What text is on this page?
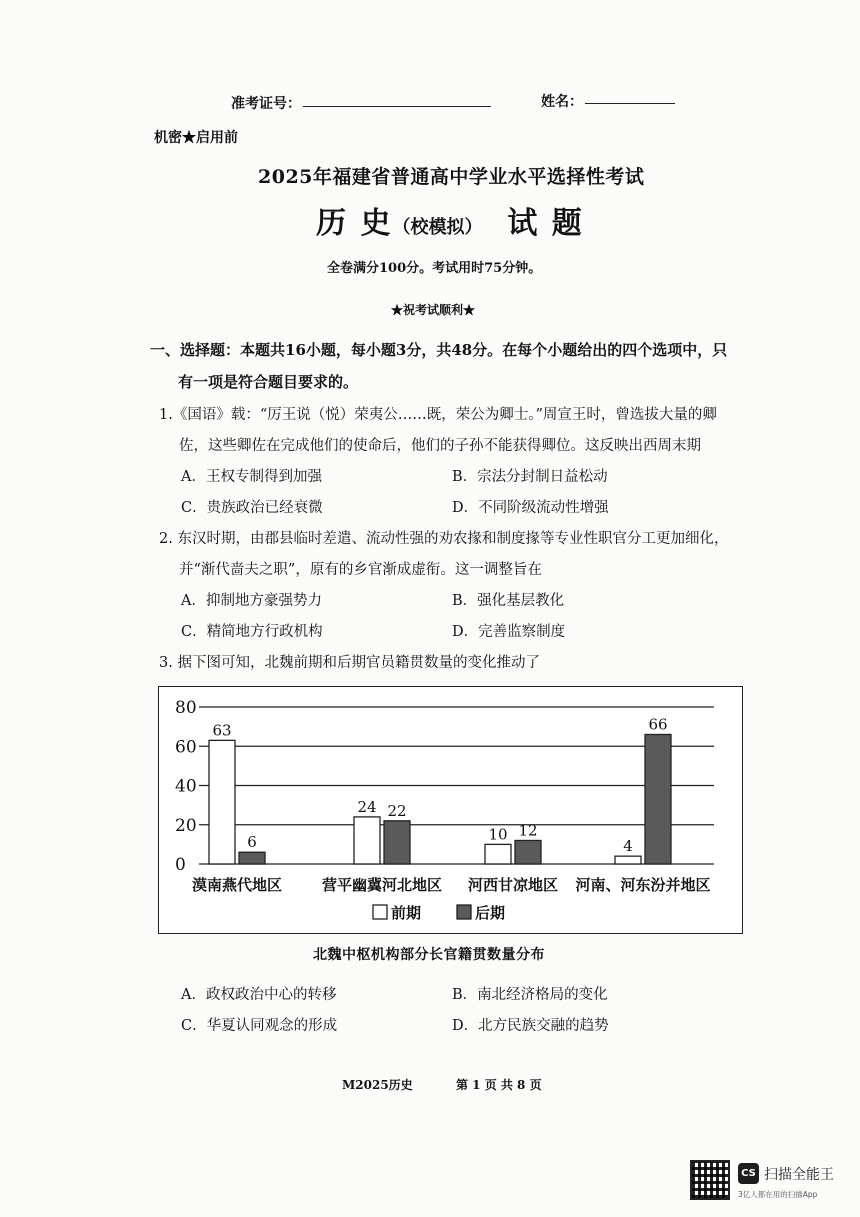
准考证号：	姓名：
机密★启用前
2025年福建省普通高中学业水平选择性考试
历 史（校模拟） 试 题
全卷满分100分。考试用时75分钟。
★祝考试顺利★
一、选择题：本题共16小题，每小题3分，共48分。在每个小题给出的四个选项中，只
有一项是符合题目要求的。
1.《国语》载：“厉王说（悦）荣夷公……既，荣公为卿士。”周宣王时，曾选拔大量的卿
佐，这些卿佐在完成他们的使命后，他们的子孙不能获得卿位。这反映出西周末期
A．王权专制得到加强	B．宗法分封制日益松动
C．贵族政治已经衰微	D．不同阶级流动性增强
2. 东汉时期，由郡县临时差遣、流动性强的劝农掾和制度掾等专业性职官分工更加细化，
并“渐代啬夫之职”，原有的乡官渐成虚衔。这一调整旨在
A．抑制地方豪强势力	B．强化基层教化
C．精简地方行政机构	D．完善监察制度
3. 据下图可知，北魏前期和后期官员籍贯数量的变化推动了
0
20
40
60
80
63
6
漠南燕代地区
24 22
营平幽冀河北地区
10 12
河西甘凉地区
4
66
河南、河东汾并地区
前期	后期
北魏中枢机构部分长官籍贯数量分布
A．政权政治中心的转移	B．南北经济格局的变化
C．华夏认同观念的形成	D．北方民族交融的趋势
M2025历史	第 1 页 共 8 页
CS 扫描全能王
3亿人都在用的扫描App
